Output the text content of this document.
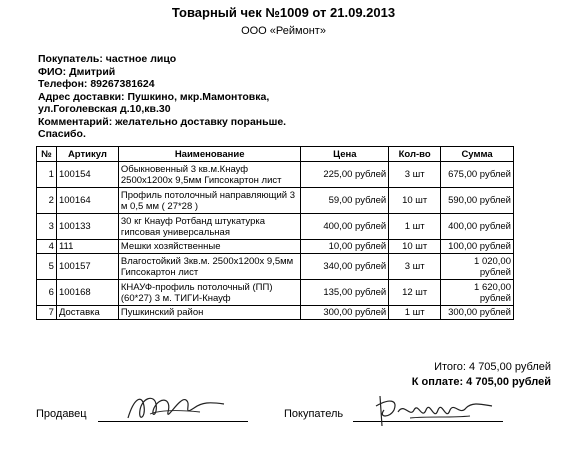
Товарный чек №1009 от 21.09.2013
ООО «Реймонт»
Покупатель: частное лицо
ФИО: Дмитрий
Телефон: 89267381624
Адрес доставки: Пушкино, мкр.Мамонтовка,
ул.Гоголевская д.10,кв.30
Комментарий: желательно доставку пораньше.
Спасибо.
№	Артикул	Наименование	Цена	Кол-во	Сумма
1	100154	Обыкновенный 3 кв.м.Кнауф 2500x1200x 9,5мм Гипсокартон лист	225,00 рублей	3 шт	675,00 рублей
2	100164	Профиль потолочный направляющий 3 м 0,5 мм ( 27*28 )	59,00 рублей	10 шт	590,00 рублей
3	100133	30 кг Кнауф Ротбанд штукатурка гипсовая универсальная	400,00 рублей	1 шт	400,00 рублей
4	111	Мешки хозяйственные	10,00 рублей	10 шт	100,00 рублей
5	100157	Влагостойкий 3кв.м. 2500x1200x 9,5мм Гипсокартон лист	340,00 рублей	3 шт	1 020,00 рублей
6	100168	КНАУФ-профиль потолочный (ПП) (60*27) 3 м. ТИГИ-Кнауф	135,00 рублей	12 шт	1 620,00 рублей
7	Доставка	Пушкинский район	300,00 рублей	1 шт	300,00 рублей
Итого: 4 705,00 рублей
К оплате: 4 705,00 рублей
Продавец	Покупатель
